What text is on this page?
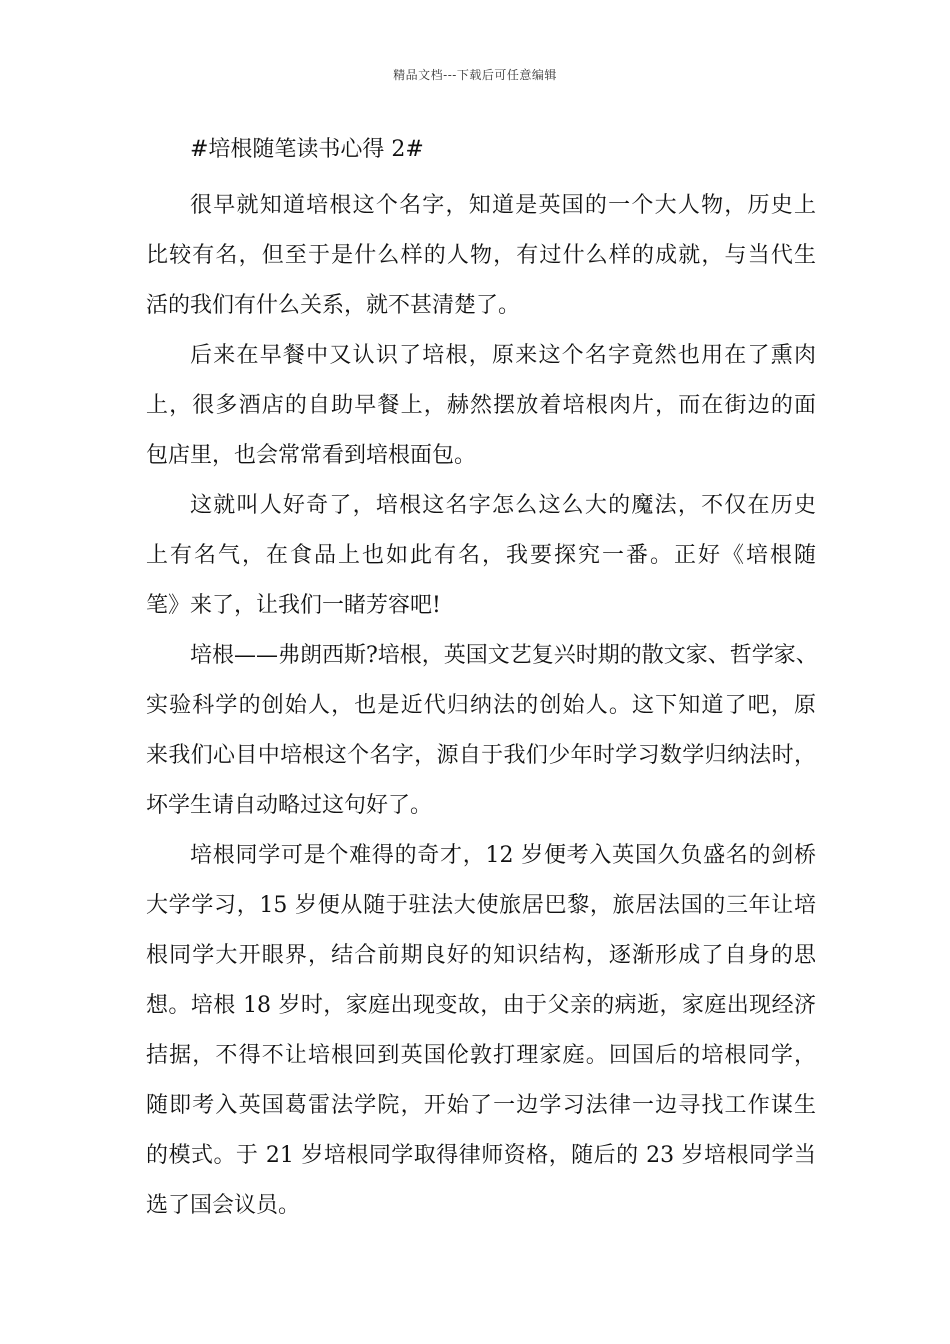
精品文档---下载后可任意编辑
#培根随笔读书心得 2#
很早就知道培根这个名字，知道是英国的一个大人物，历史上
比较有名，但至于是什么样的人物，有过什么样的成就，与当代生
活的我们有什么关系，就不甚清楚了。
后来在早餐中又认识了培根，原来这个名字竟然也用在了熏肉
上，很多酒店的自助早餐上，赫然摆放着培根肉片，而在街边的面
包店里，也会常常看到培根面包。
这就叫人好奇了，培根这名字怎么这么大的魔法，不仅在历史
上有名气，在食品上也如此有名，我要探究一番。正好《培根随
笔》来了，让我们一睹芳容吧!
培根——弗朗西斯?培根，英国文艺复兴时期的散文家、哲学家、
实验科学的创始人，也是近代归纳法的创始人。这下知道了吧，原
来我们心目中培根这个名字，源自于我们少年时学习数学归纳法时，
坏学生请自动略过这句好了。
培根同学可是个难得的奇才，12 岁便考入英国久负盛名的剑桥
大学学习，15 岁便从随于驻法大使旅居巴黎，旅居法国的三年让培
根同学大开眼界，结合前期良好的知识结构，逐渐形成了自身的思
想。培根 18 岁时，家庭出现变故，由于父亲的病逝，家庭出现经济
拮据，不得不让培根回到英国伦敦打理家庭。回国后的培根同学，
随即考入英国葛雷法学院，开始了一边学习法律一边寻找工作谋生
的模式。于 21 岁培根同学取得律师资格，随后的 23 岁培根同学当
选了国会议员。
